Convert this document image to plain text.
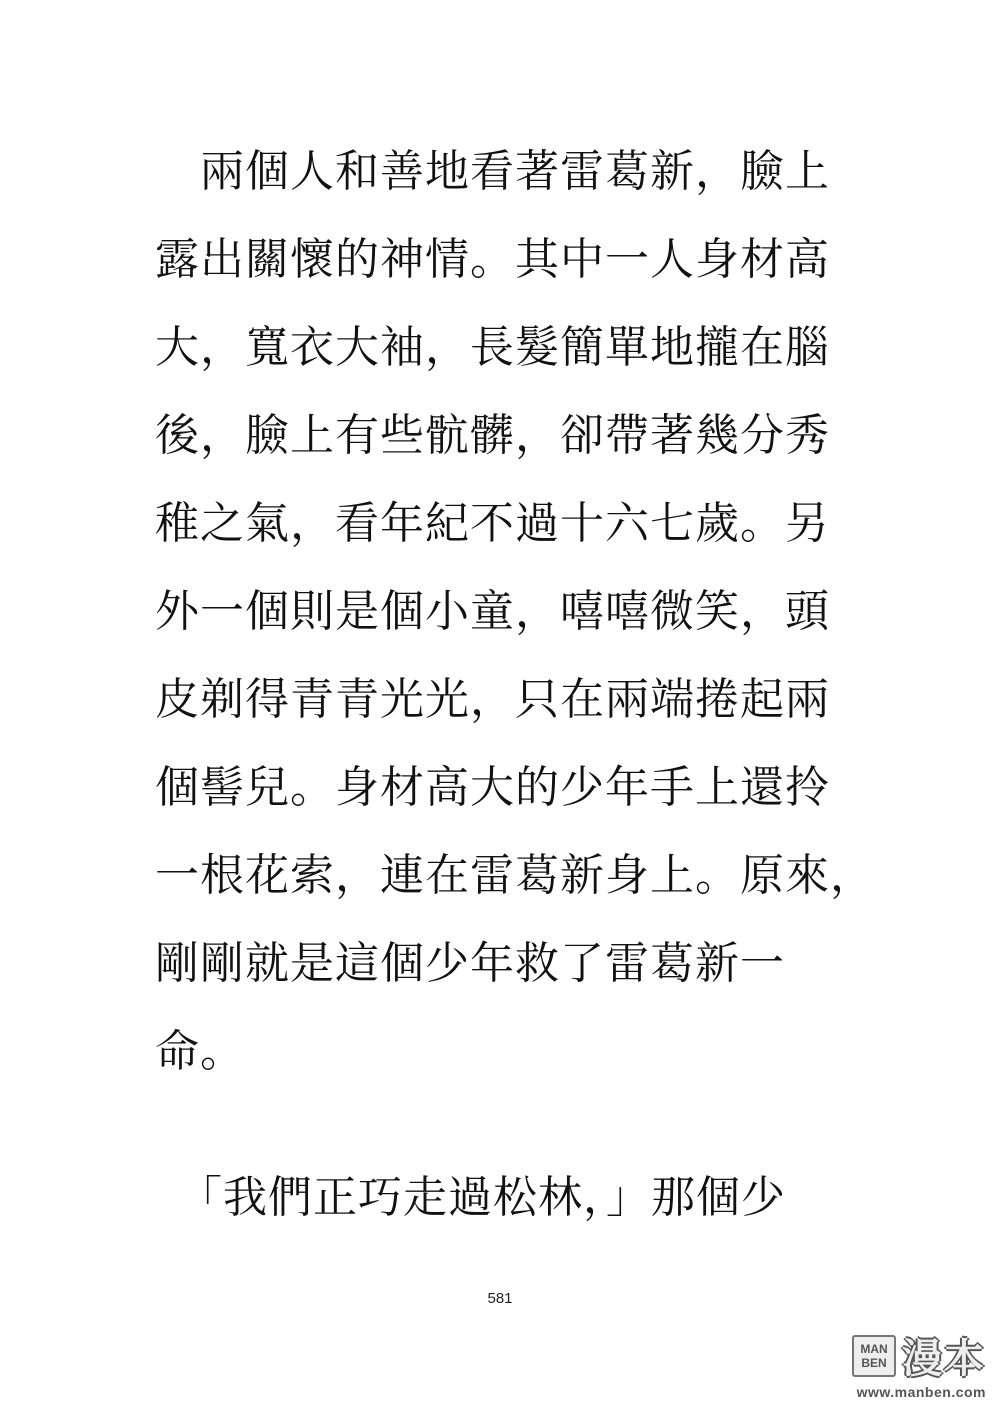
　兩個人和善地看著雷葛新，臉上
露出關懷的神情。其中一人身材高
大，寬衣大袖，長髮簡單地攏在腦
後，臉上有些骯髒，卻帶著幾分秀
稚之氣，看年紀不過十六七歲。另
外一個則是個小童，嘻嘻微笑，頭
皮剃得青青光光，只在兩端捲起兩
個髻兒。身材高大的少年手上還拎
一根花索，連在雷葛新身上。原來，
剛剛就是這個少年救了雷葛新一
命。
　「我們正巧走過松林，」那個少
581
MAN
BEN 漫本
www.manben.com
